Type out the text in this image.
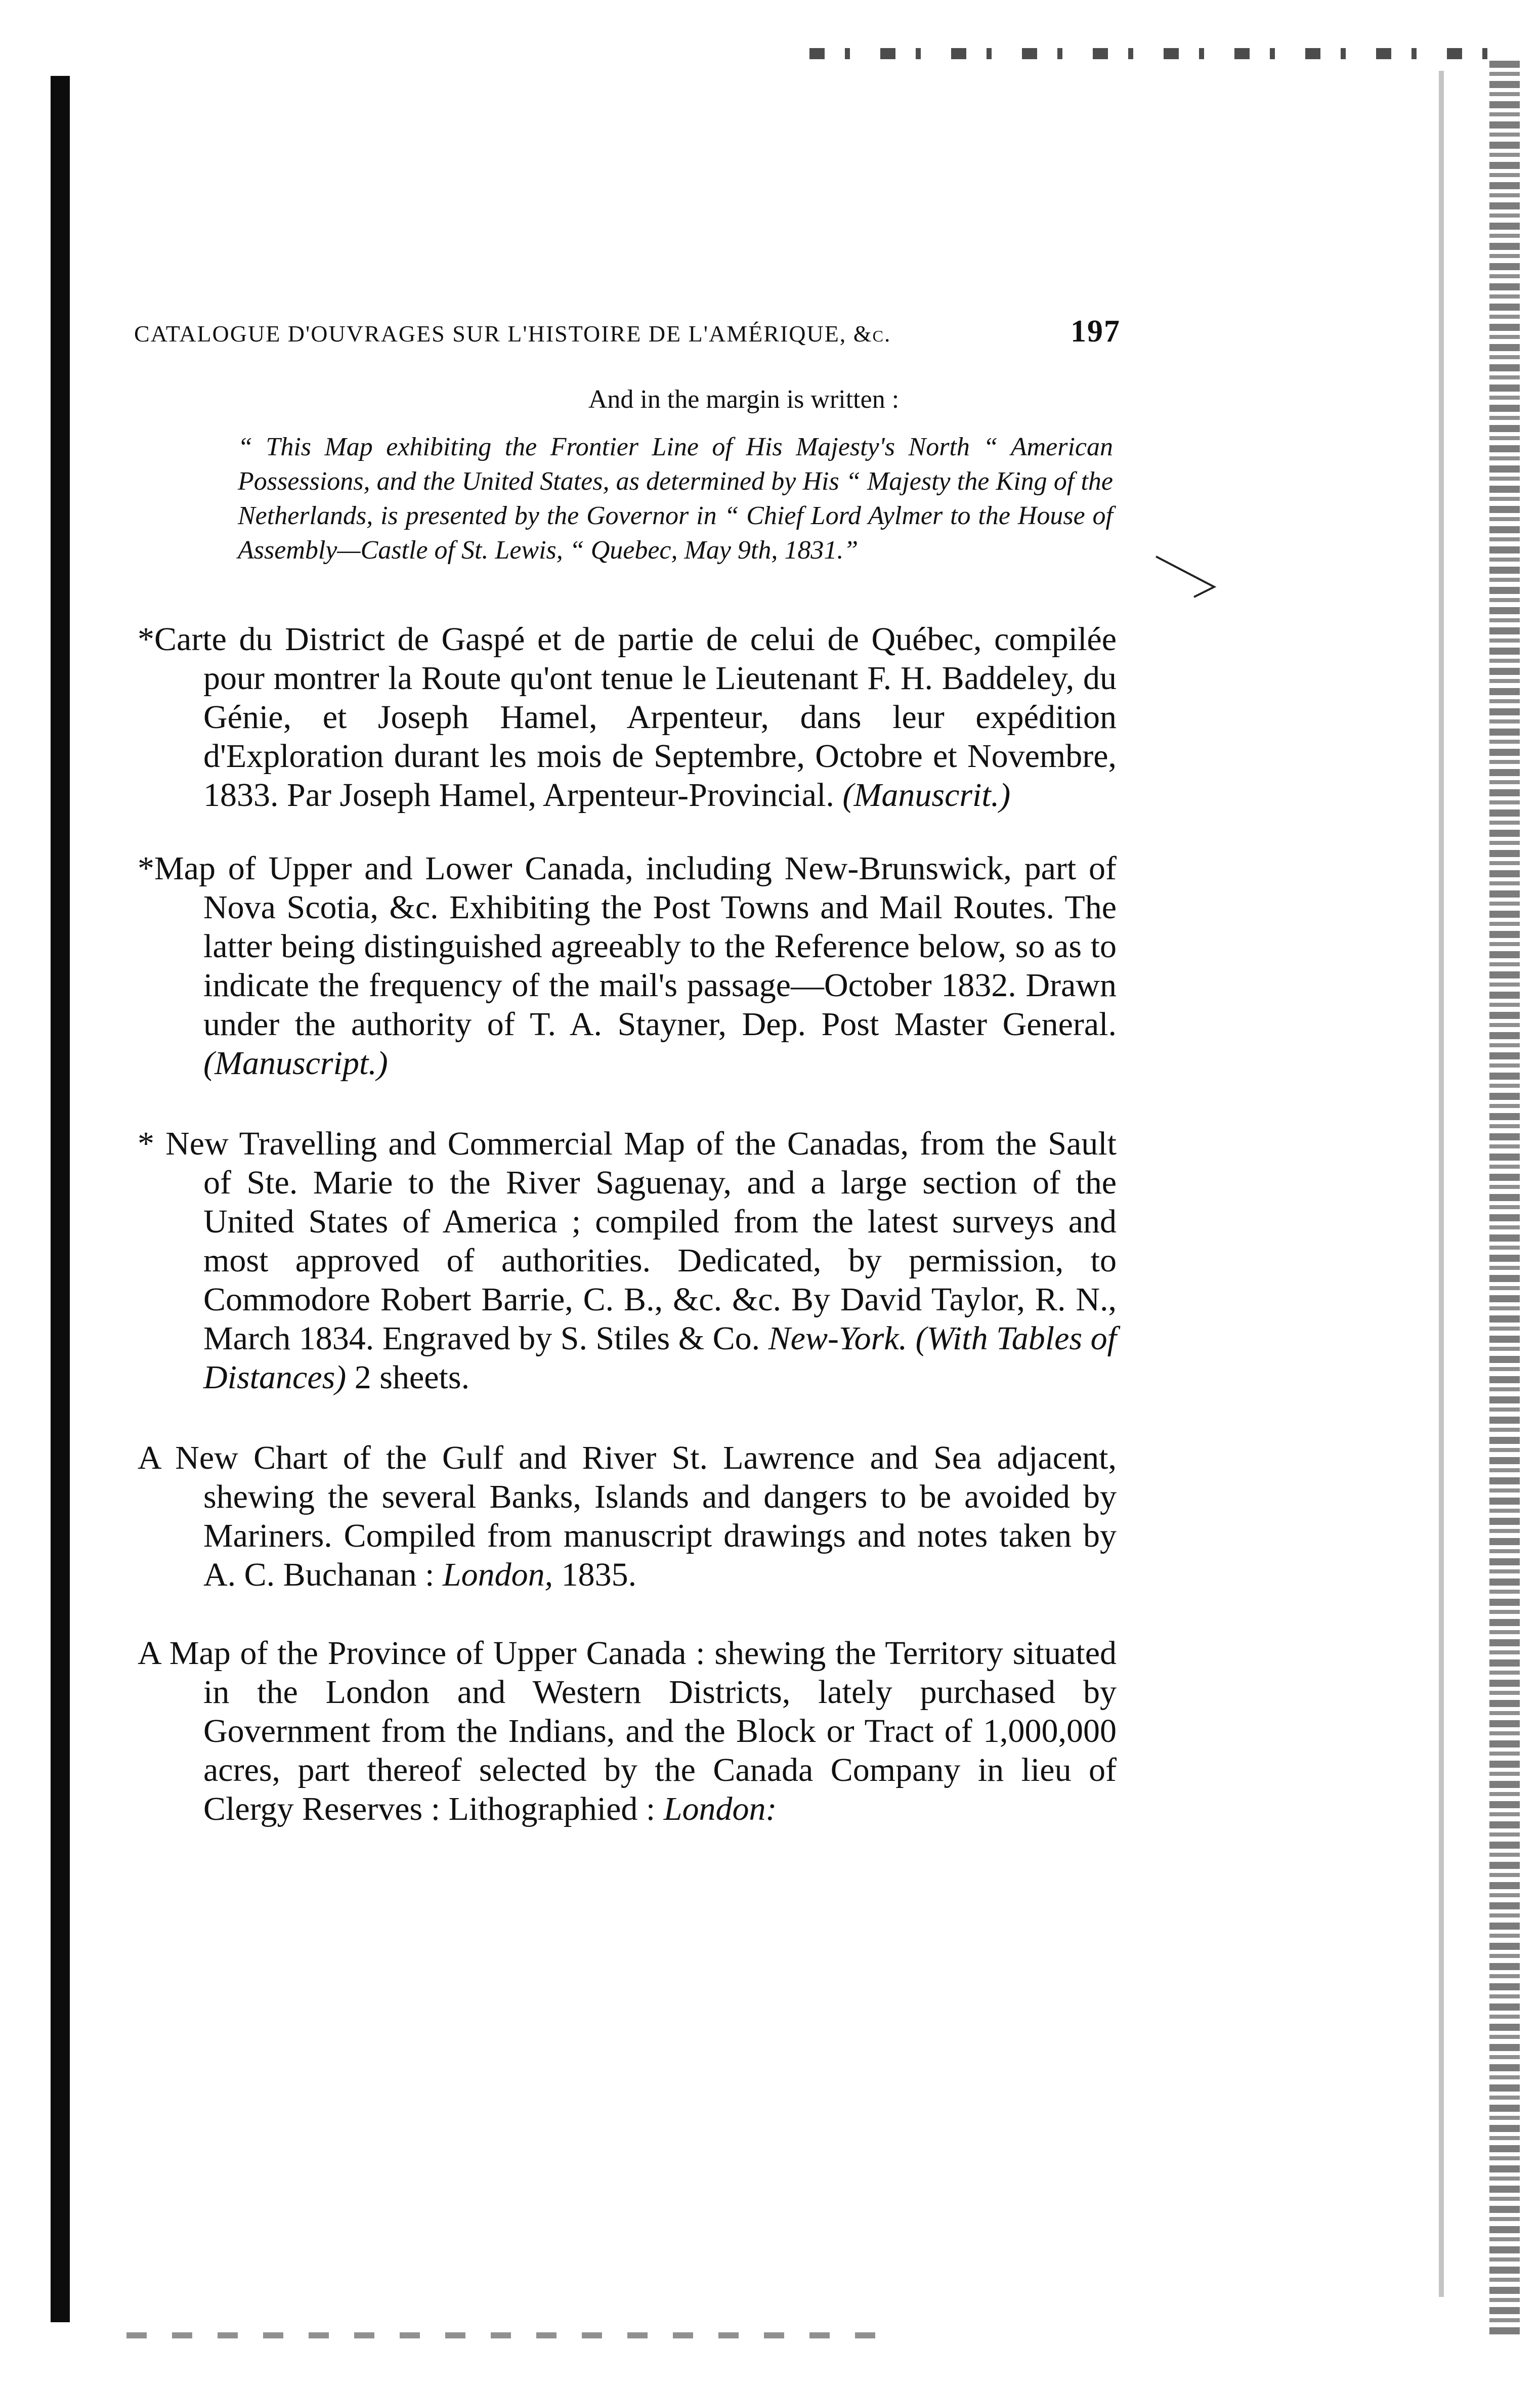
CATALOGUE D'OUVRAGES SUR L'HISTOIRE DE L'AMÉRIQUE, &c.	197
And in the margin is written :
“ This Map exhibiting the Frontier Line of His Majesty's North “ American Possessions, and the United States, as determined by His “ Majesty the King of the Netherlands, is presented by the Governor in “ Chief Lord Aylmer to the House of Assembly—Castle of St. Lewis, “ Quebec, May 9th, 1831.”
*Carte du District de Gaspé et de partie de celui de Québec, compilée pour montrer la Route qu'ont tenue le Lieutenant F. H. Baddeley, du Génie, et Joseph Hamel, Arpenteur, dans leur expédition d'Exploration durant les mois de Septembre, Octobre et Novembre, 1833. Par Joseph Hamel, Arpenteur-Provincial. (Manuscrit.)
*Map of Upper and Lower Canada, including New-Brunswick, part of Nova Scotia, &c. Exhibiting the Post Towns and Mail Routes. The latter being distinguished agreeably to the Reference below, so as to indicate the frequency of the mail's passage—October 1832. Drawn under the authority of T. A. Stayner, Dep. Post Master General. (Manuscript.)
* New Travelling and Commercial Map of the Canadas, from the Sault of Ste. Marie to the River Saguenay, and a large section of the United States of America ; compiled from the latest surveys and most approved of authorities. Dedicated, by permission, to Commodore Robert Barrie, C. B., &c. &c. By David Taylor, R. N., March 1834. Engraved by S. Stiles & Co. New-York. (With Tables of Distances) 2 sheets.
A New Chart of the Gulf and River St. Lawrence and Sea adjacent, shewing the several Banks, Islands and dangers to be avoided by Mariners. Compiled from manuscript drawings and notes taken by A. C. Buchanan : London, 1835.
A Map of the Province of Upper Canada : shewing the Territory situated in the London and Western Districts, lately purchased by Government from the Indians, and the Block or Tract of 1,000,000 acres, part thereof selected by the Canada Company in lieu of Clergy Reserves : Lithographied : London:
